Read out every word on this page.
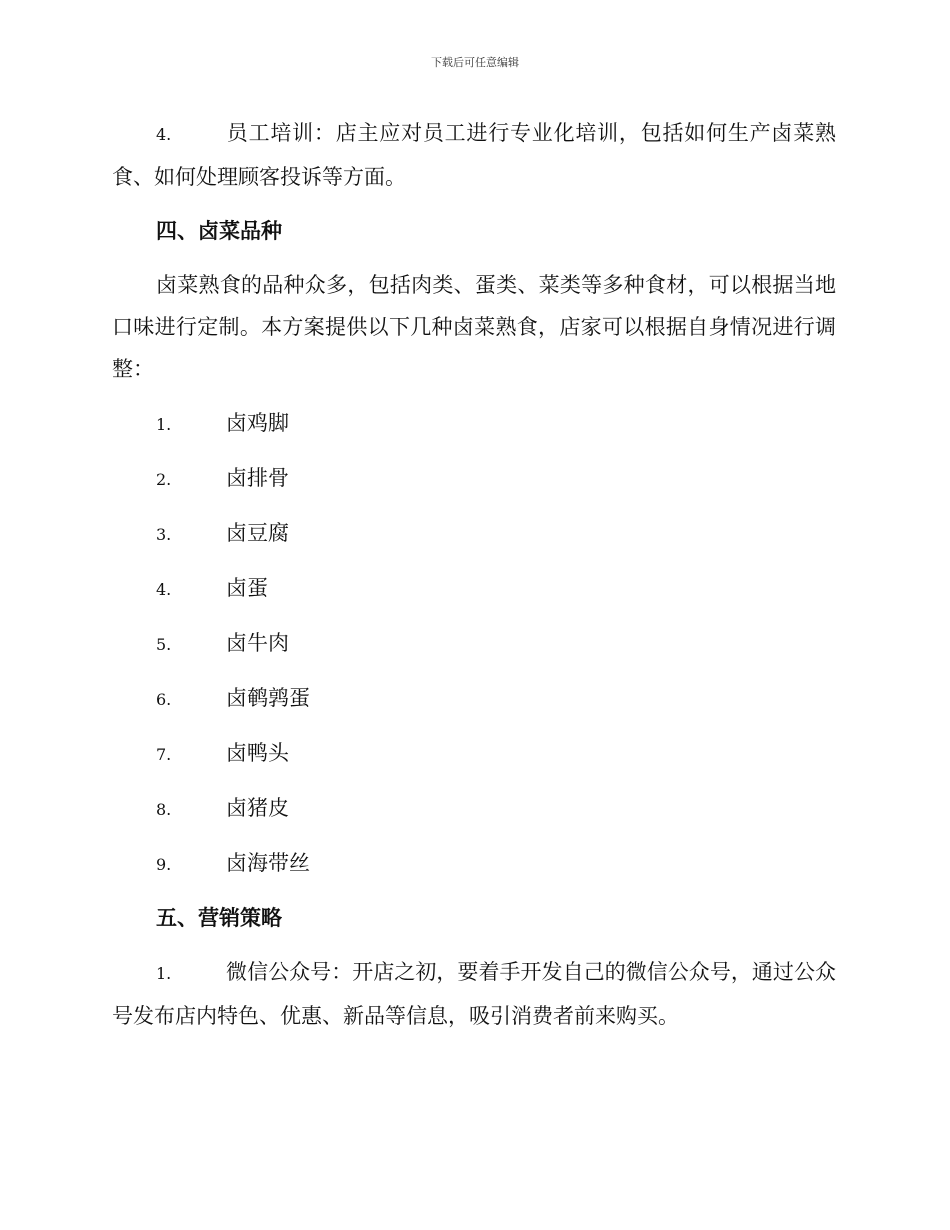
下载后可任意编辑

4.	员工培训：店主应对员工进行专业化培训，包括如何生产卤菜熟食、如何处理顾客投诉等方面。

四、卤菜品种

卤菜熟食的品种众多，包括肉类、蛋类、菜类等多种食材，可以根据当地口味进行定制。本方案提供以下几种卤菜熟食，店家可以根据自身情况进行调整：

1.	卤鸡脚
2.	卤排骨
3.	卤豆腐
4.	卤蛋
5.	卤牛肉
6.	卤鹌鹑蛋
7.	卤鸭头
8.	卤猪皮
9.	卤海带丝
五、营销策略

1.	微信公众号：开店之初，要着手开发自己的微信公众号，通过公众号发布店内特色、优惠、新品等信息，吸引消费者前来购买。
